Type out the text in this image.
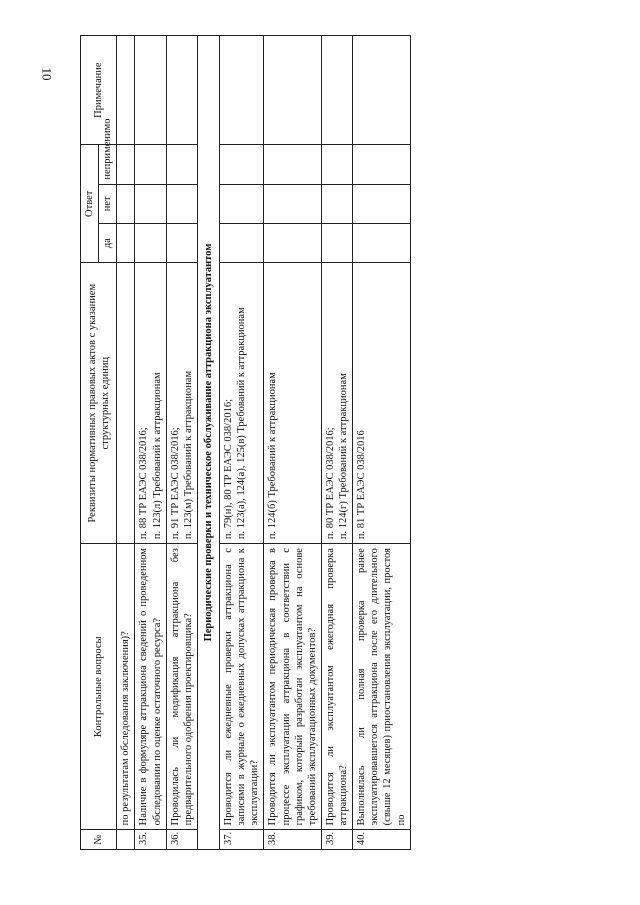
10
№	Контрольные вопросы	Реквизиты нормативных правовых актов с указанием структурных единиц	Ответ			Примечание
			да	нет	неприменимо	
	по результатам обследования заключения)?	

35.	Наличие в формуляре аттракциона сведений о проведенном обследовании по оценке остаточного ресурса?	п. 88 ТР ЕАЭС 038/2016; п. 123(л) Требований к аттракционам				

36.	Проводилась ли модификация аттракциона без предварительного одобрения проектировщика?	п. 91 ТР ЕАЭС 038/2016; п. 123(м) Требований к аттракционам				

Периодические проверки и техническое обслуживание аттракциона эксплуатантом						
37.	Проводится ли ежедневные проверки аттракциона с записями в журнале о ежедневных допусках аттракциона к эксплуатации?	п. 79(н), 80 ТР ЕАЭС 038/2016; п. 123(а), 124(а), 125(в) Требований к аттракционам				

38.	Проводится ли эксплуатантом периодическая проверка в процессе эксплуатации аттракциона в соответствии с графиком, который разработан эксплуатантом на основе требований эксплуатационных документов?	п. 124(б) Требований к аттракционам				

39.	Проводится ли эксплуатантом ежегодная проверка аттракциона?	п. 80 ТР ЕАЭС 038/2016; п. 124(г) Требований к аттракционам				

40.	Выполнялась ли полная проверка ранее эксплуатировавшегося аттракциона после его длительного (свыше 12 месяцев) приостановления эксплуатации, простоя по	п. 81 ТР ЕАЭС 038/2016				
